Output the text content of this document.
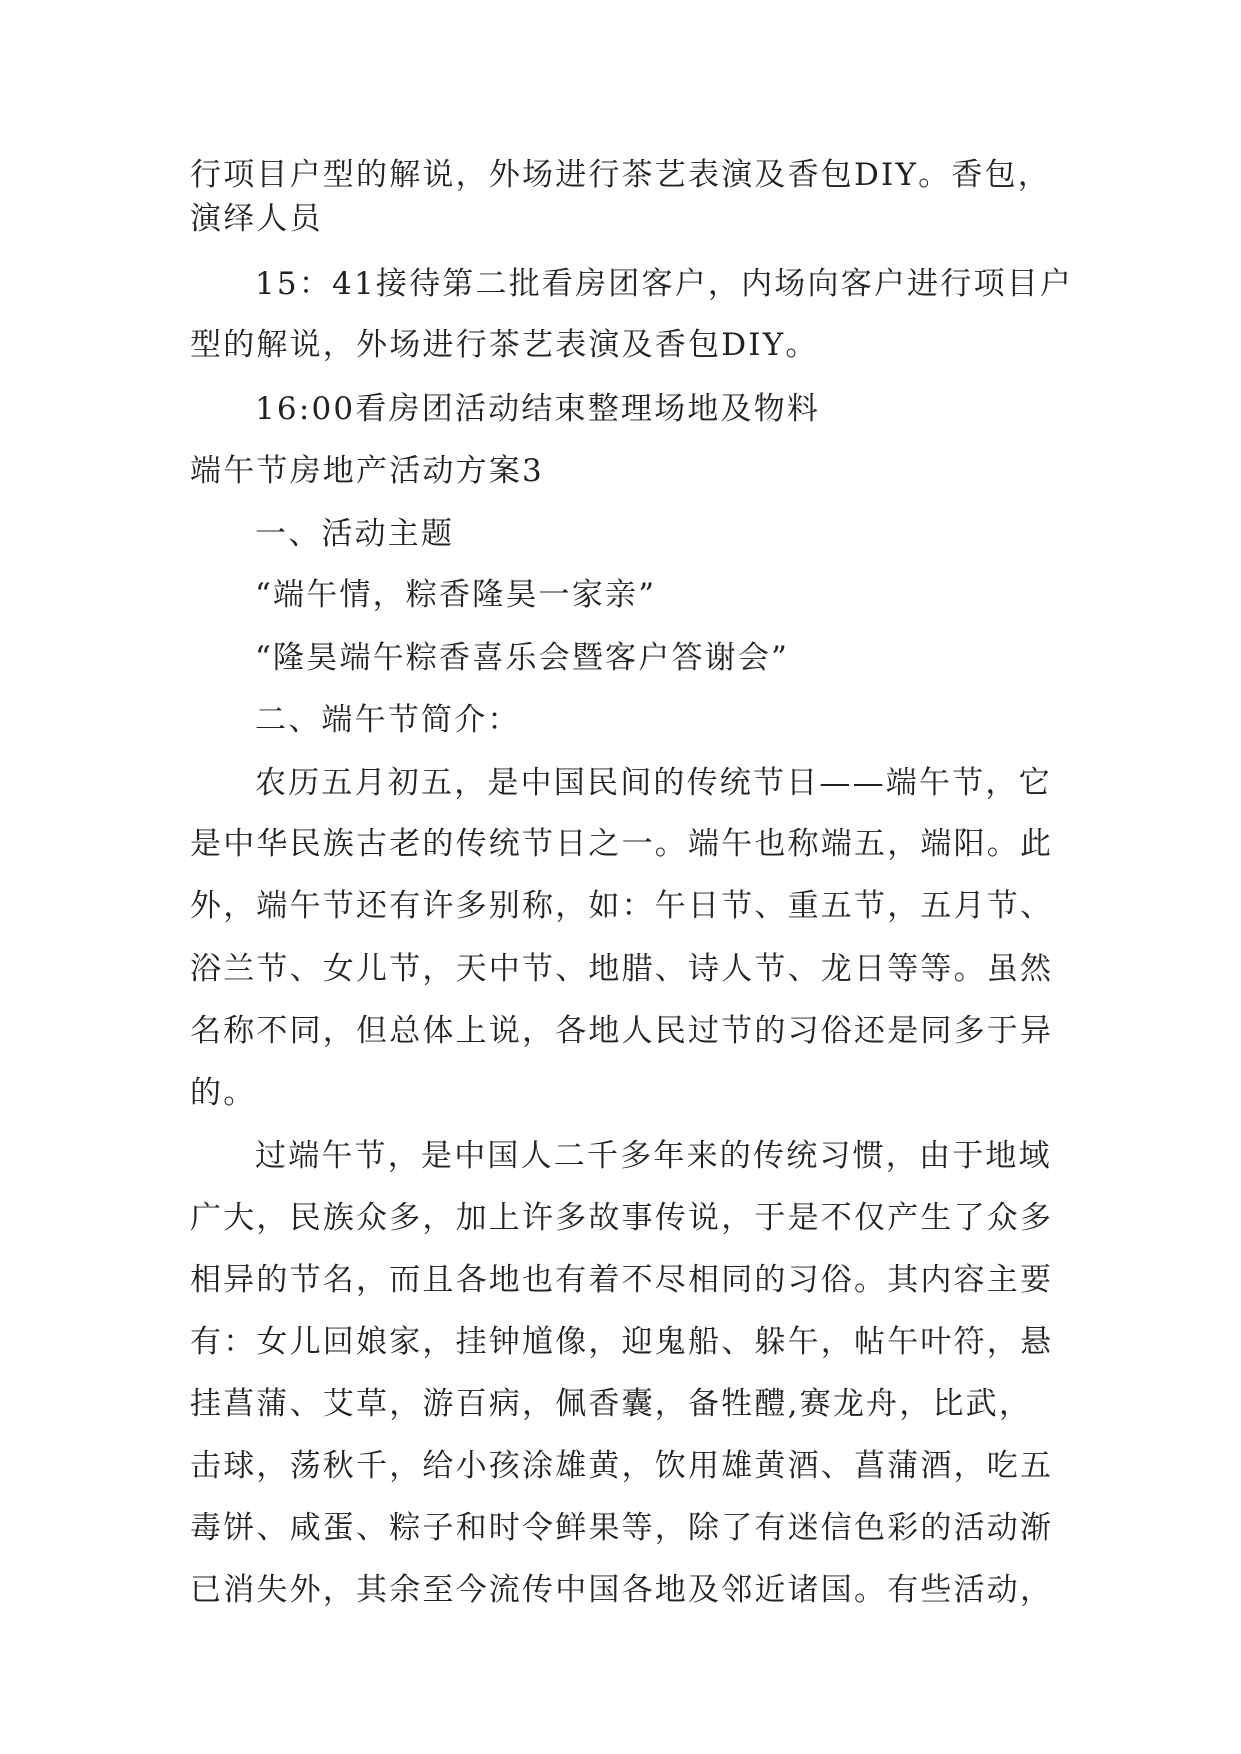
行项目户型的解说，外场进行茶艺表演及香包DIY。香包，
演绎人员
15：41接待第二批看房团客户，内场向客户进行项目户
型的解说，外场进行茶艺表演及香包DIY。
16:00看房团活动结束整理场地及物料
端午节房地产活动方案3
一、活动主题
“端午情，粽香隆昊一家亲”
“隆昊端午粽香喜乐会暨客户答谢会”
二、端午节简介：
农历五月初五，是中国民间的传统节日——端午节，它
是中华民族古老的传统节日之一。端午也称端五，端阳。此
外，端午节还有许多别称，如：午日节、重五节，五月节、
浴兰节、女儿节，天中节、地腊、诗人节、龙日等等。虽然
名称不同，但总体上说，各地人民过节的习俗还是同多于异
的。
过端午节，是中国人二千多年来的传统习惯，由于地域
广大，民族众多，加上许多故事传说，于是不仅产生了众多
相异的节名，而且各地也有着不尽相同的习俗。其内容主要
有：女儿回娘家，挂钟馗像，迎鬼船、躲午，帖午叶符，悬
挂菖蒲、艾草，游百病，佩香囊，备牲醴,赛龙舟，比武，
击球，荡秋千，给小孩涂雄黄，饮用雄黄酒、菖蒲酒，吃五
毒饼、咸蛋、粽子和时令鲜果等，除了有迷信色彩的活动渐
已消失外，其余至今流传中国各地及邻近诸国。有些活动，
